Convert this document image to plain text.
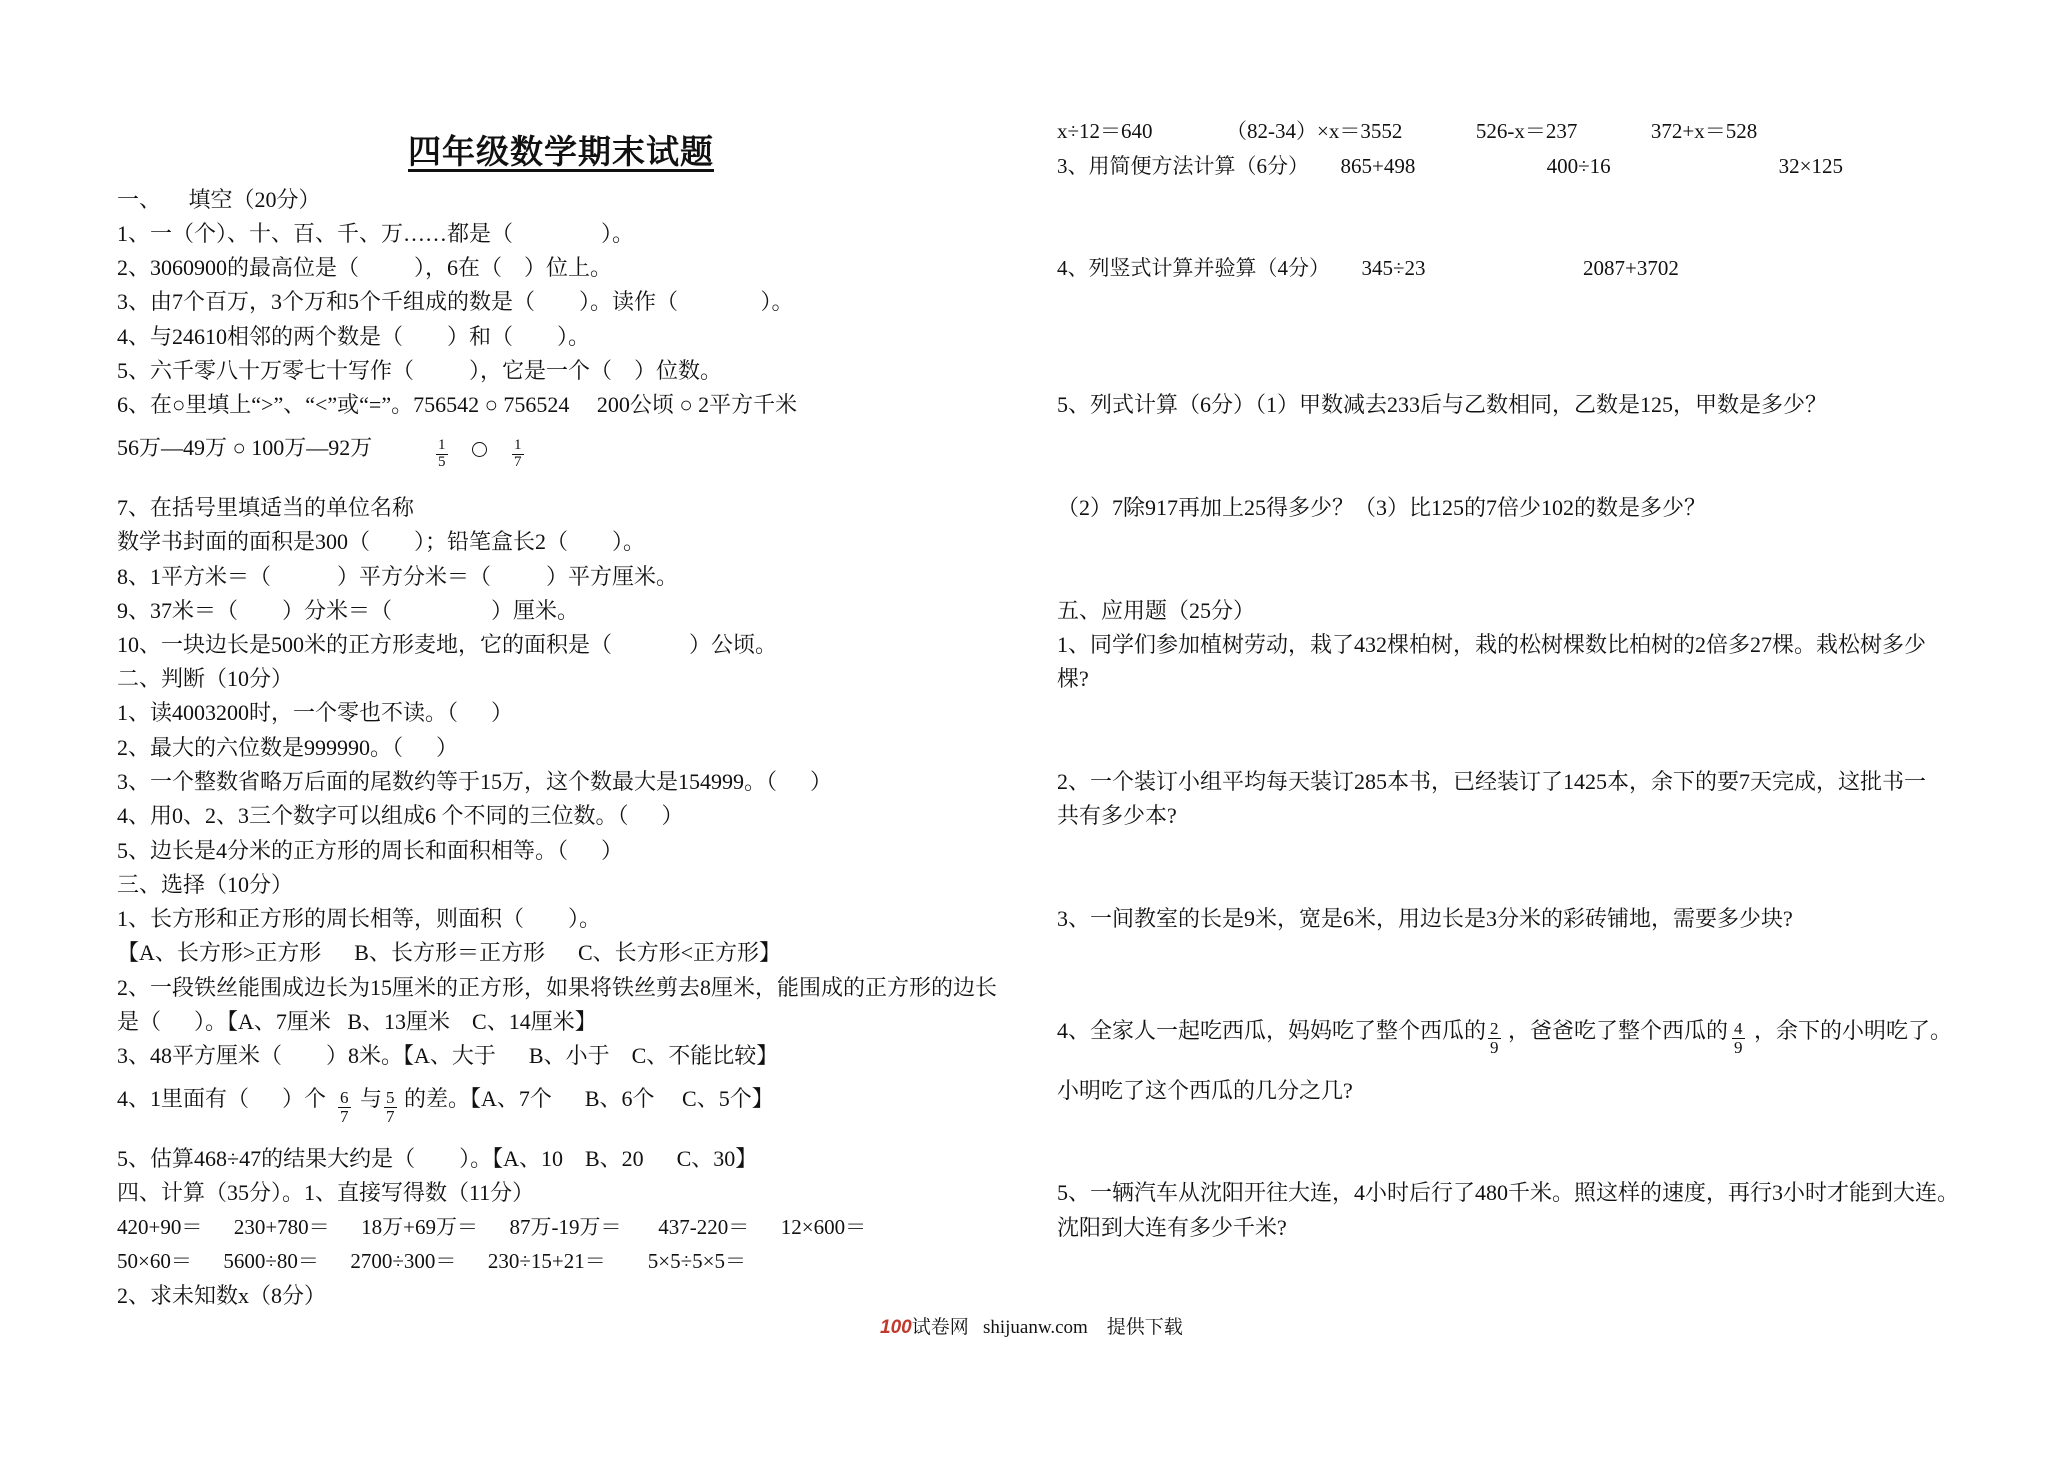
四年级数学期末试题
一、     填空（20分）
1、一（个）、十、百、千、万……都是（                ）。
2、3060900的最高位是（          ），6在（    ）位上。
3、由7个百万，3个万和5个千组成的数是（        ）。读作（               ）。
4、与24610相邻的两个数是（        ）和（        ）。
5、六千零八十万零七十写作（          ），它是一个（    ）位数。
6、在○里填上“>”、“<”或“=”。756542 ○ 756524     200公顷 ○ 2平方千米
56万—49万 ○ 100万—92万	$\frac{1}{5}$	$\frac{1}{7}$
7、在括号里填适当的单位名称
数学书封面的面积是300（        ）；铅笔盒长2（        ）。
8、1平方米＝（            ）平方分米＝（          ）平方厘米。
9、37米＝（        ）分米＝（                  ）厘米。
10、一块边长是500米的正方形麦地，它的面积是（              ）公顷。
二、判断（10分）
1、读4003200时，一个零也不读。（      ）
2、最大的六位数是999990。（      ）
3、一个整数省略万后面的尾数约等于15万，这个数最大是154999。（      ）
4、用0、2、3三个数字可以组成6 个不同的三位数。（      ）
5、边长是4分米的正方形的周长和面积相等。（      ）
三、选择（10分）
1、长方形和正方形的周长相等，则面积（        ）。
【A、长方形>正方形      B、长方形＝正方形      C、长方形<正方形】
2、一段铁丝能围成边长为15厘米的正方形，如果将铁丝剪去8厘米，能围成的正方形的边长
是（      ）。【A、7厘米   B、13厘米    C、14厘米】
3、48平方厘米（        ）8米。【A、大于      B、小于    C、不能比较】
4、1里面有（      ）个 $\frac{6}{7}$ 与 $\frac{5}{7}$ 的差。【A、7个      B、6个     C、5个】
5、估算468÷47的结果大约是（        ）。【A、10    B、20      C、30】
四、计算（35分）。1、直接写得数（11分）
420+90＝      230+780＝      18万+69万＝      87万-19万＝       437-220＝      12×600＝
50×60＝      5600÷80＝      2700÷300＝      230÷15+21＝        5×5÷5×5＝
2、求未知数x（8分）
x÷12＝640              （82-34）×x＝3552              526-x＝237              372+x＝528
3、用简便方法计算（6分）      865+498                         400÷16                                32×125
4、列竖式计算并验算（4分）      345÷23                              2087+3702
5、列式计算（6分）（1）甲数减去233后与乙数相同，乙数是125，甲数是多少？
（2）7除917再加上25得多少？（3）比125的7倍少102的数是多少？
五、应用题（25分）
1、同学们参加植树劳动，栽了432棵柏树，栽的松树棵数比柏树的2倍多27棵。栽松树多少
棵?
2、一个装订小组平均每天装订285本书，已经装订了1425本，余下的要7天完成，这批书一
共有多少本?
3、一间教室的长是9米，宽是6米，用边长是3分米的彩砖铺地，需要多少块?
4、全家人一起吃西瓜，妈妈吃了整个西瓜的 $\frac{2}{9}$ ，爸爸吃了整个西瓜的 $\frac{4}{9}$ ，余下的小明吃了。
小明吃了这个西瓜的几分之几?
5、一辆汽车从沈阳开往大连，4小时后行了480千米。照这样的速度，再行3小时才能到大连。
沈阳到大连有多少千米?
100试卷网   shijuanw.com    提供下载
